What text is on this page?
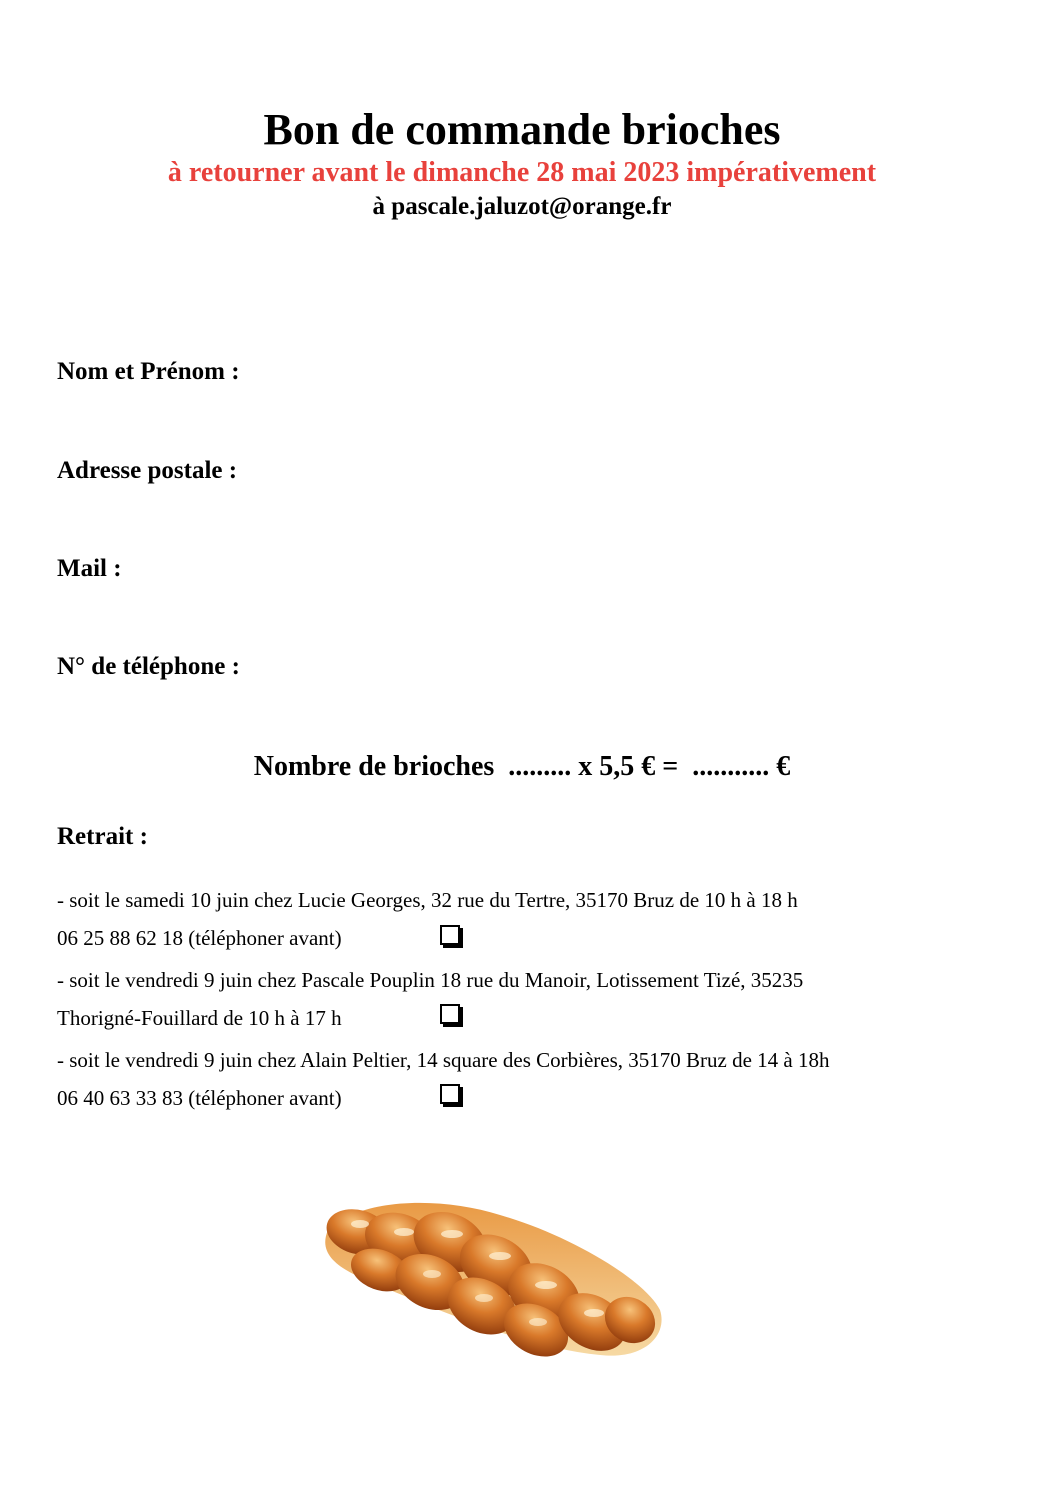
Bon de commande brioches
à retourner avant le dimanche 28 mai 2023 impérativement
à pascale.jaluzot@orange.fr
Nom et Prénom :
Adresse postale :
Mail :
N° de téléphone :
Nombre de brioches  ......... x 5,5 € =  ........... €
Retrait :
- soit le samedi 10 juin chez Lucie Georges, 32 rue du Tertre, 35170 Bruz de 10 h à 18 h
06 25 88 62 18 (téléphoner avant)
- soit le vendredi 9 juin chez Pascale Pouplin 18 rue du Manoir, Lotissement Tizé, 35235
Thorigné-Fouillard de 10 h à 17 h
- soit le vendredi 9 juin chez Alain Peltier, 14 square des Corbières, 35170 Bruz de 14 à 18h
06 40 63 33 83 (téléphoner avant)
